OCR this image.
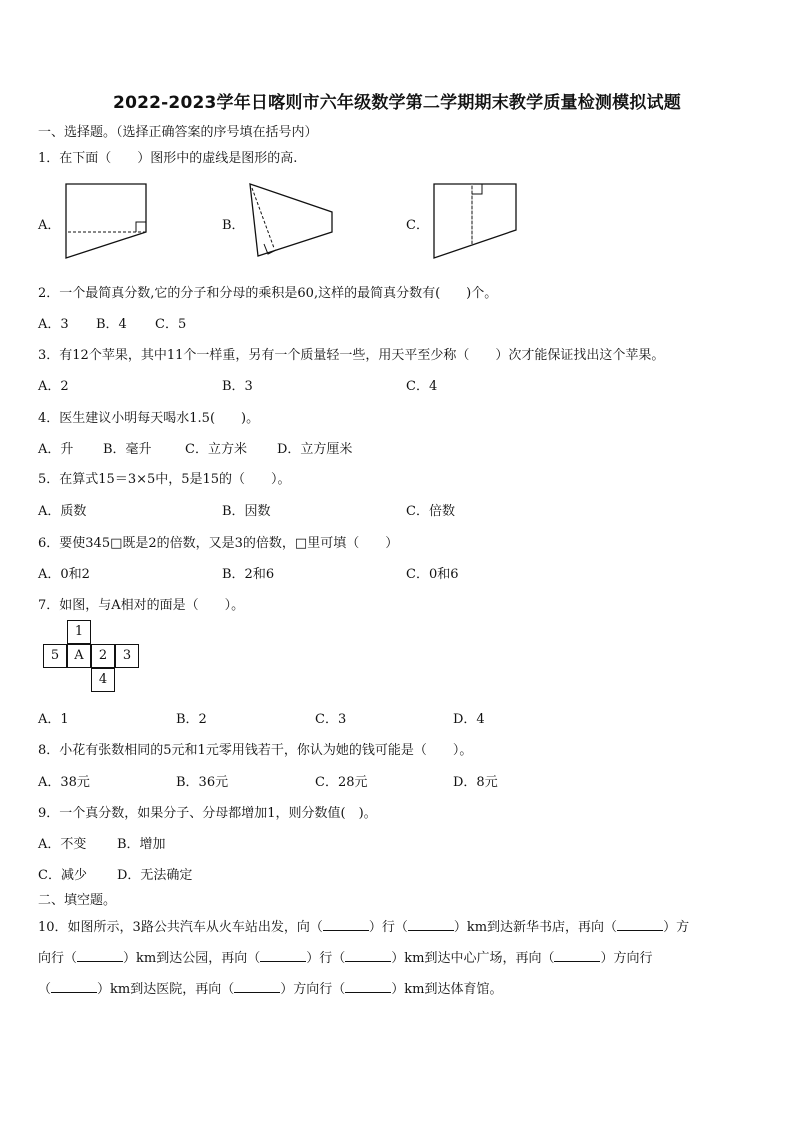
2022-2023学年日喀则市六年级数学第二学期期末教学质量检测模拟试题
一、选择题。（选择正确答案的序号填在括号内）
1．在下面（　　）图形中的虚线是图形的高.
A．	B．	C．
2．一个最简真分数,它的分子和分母的乘积是60,这样的最简真分数有(　　)个。
A．3 B．4 C．5
3．有12个苹果，其中11个一样重，另有一个质量轻一些，用天平至少称（　　）次才能保证找出这个苹果。
A．2	B．3	C．4
4．医生建议小明每天喝水1.5(　　)。
A．升 B．毫升	C．立方米 D．立方厘米
5．在算式15＝3×5中，5是15的（　　）。
A．质数	B．因数	C．倍数
6．要使345□既是2的倍数，又是3的倍数，□里可填（　　）
A．0和2	B．2和6	C．0和6
7．如图，与A相对的面是（　　）。
1
5	A	2	3
4
A．1	B．2	C．3	D．4
8．小花有张数相同的5元和1元零用钱若干，你认为她的钱可能是（　　）。
A．38元	B．36元	C．28元	D．8元
9．一个真分数，如果分子、分母都增加1，则分数值(　)。
A．不变 B．增加
C．减少 D．无法确定
二、填空题。
10．如图所示，3路公共汽车从火车站出发，向（	）行（	）km到达新华书店，再向（	）方
向行（	）km到达公园，再向（	）行（	）km到达中心广场，再向（	）方向行
（	）km到达医院，再向（	）方向行（	）km到达体育馆。
